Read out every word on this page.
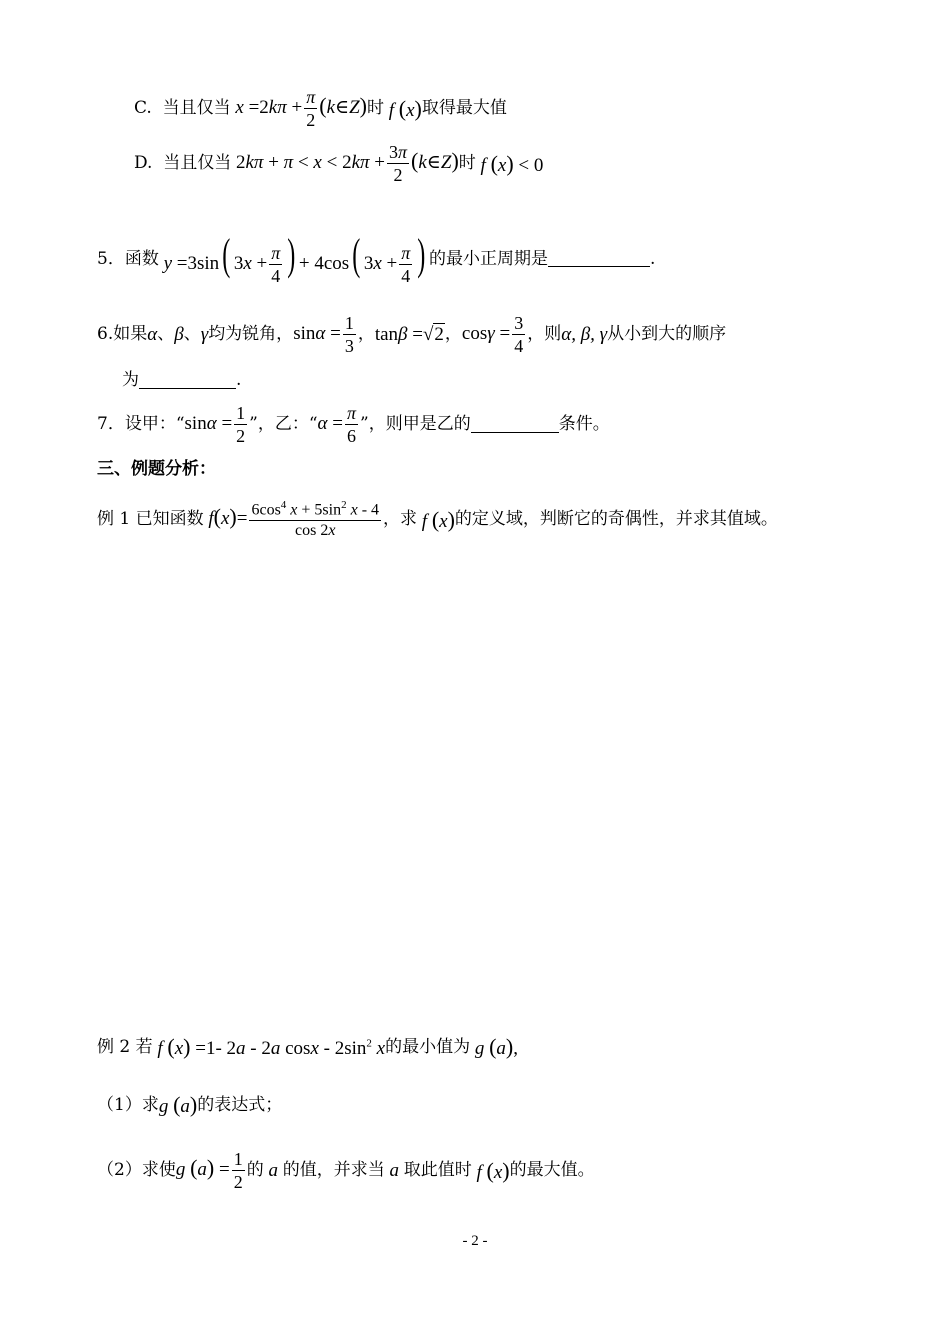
C.
当且仅当 $x =2k\pi + \frac{\pi}{2}$ (k∈Z) 时 f (x) 取得最大值
D.
当且仅当 $2k\pi + \pi < x < 2k\pi + \frac{3\pi}{2}$ (k∈Z) 时 f (x) < 0
5．函数 y =3sin( $3x + \frac{\pi}{4}$ ) + 4cos( $3x + \frac{\pi}{4}$ ) 的最小正周期是	.
6.如果 α 、 β 、 γ 均为锐角， $\sin\alpha = \frac{1}{3}$ ， tanβ =√2 ， $\cos\gamma = \frac{3}{4}$ ，则 α, β, γ 从小到大的顺序
为	.
7．设甲：“ $\sin\alpha = \frac{1}{2}$ ”，乙：“ $\alpha = \frac{\pi}{6}$ ”，则甲是乙的	条件。
三、例题分析：
例 1 已知函数 $f(x)= \frac{6\cos^4 x + 5\sin^2 x - 4}{\cos 2x}$ ，求 f (x) 的定义域，判断它的奇偶性，并求其值域。
例 2 若 f (x) =1- 2a - 2a cosx - $2\sin^2$ x 的最小值为 g (a),
（1）求 g (a) 的表达式；
（2）求使 g $(a) = \frac{1}{2}$ 的 a 的值，并求当 a 取此值时 f (x) 的最大值。
- 2 -
